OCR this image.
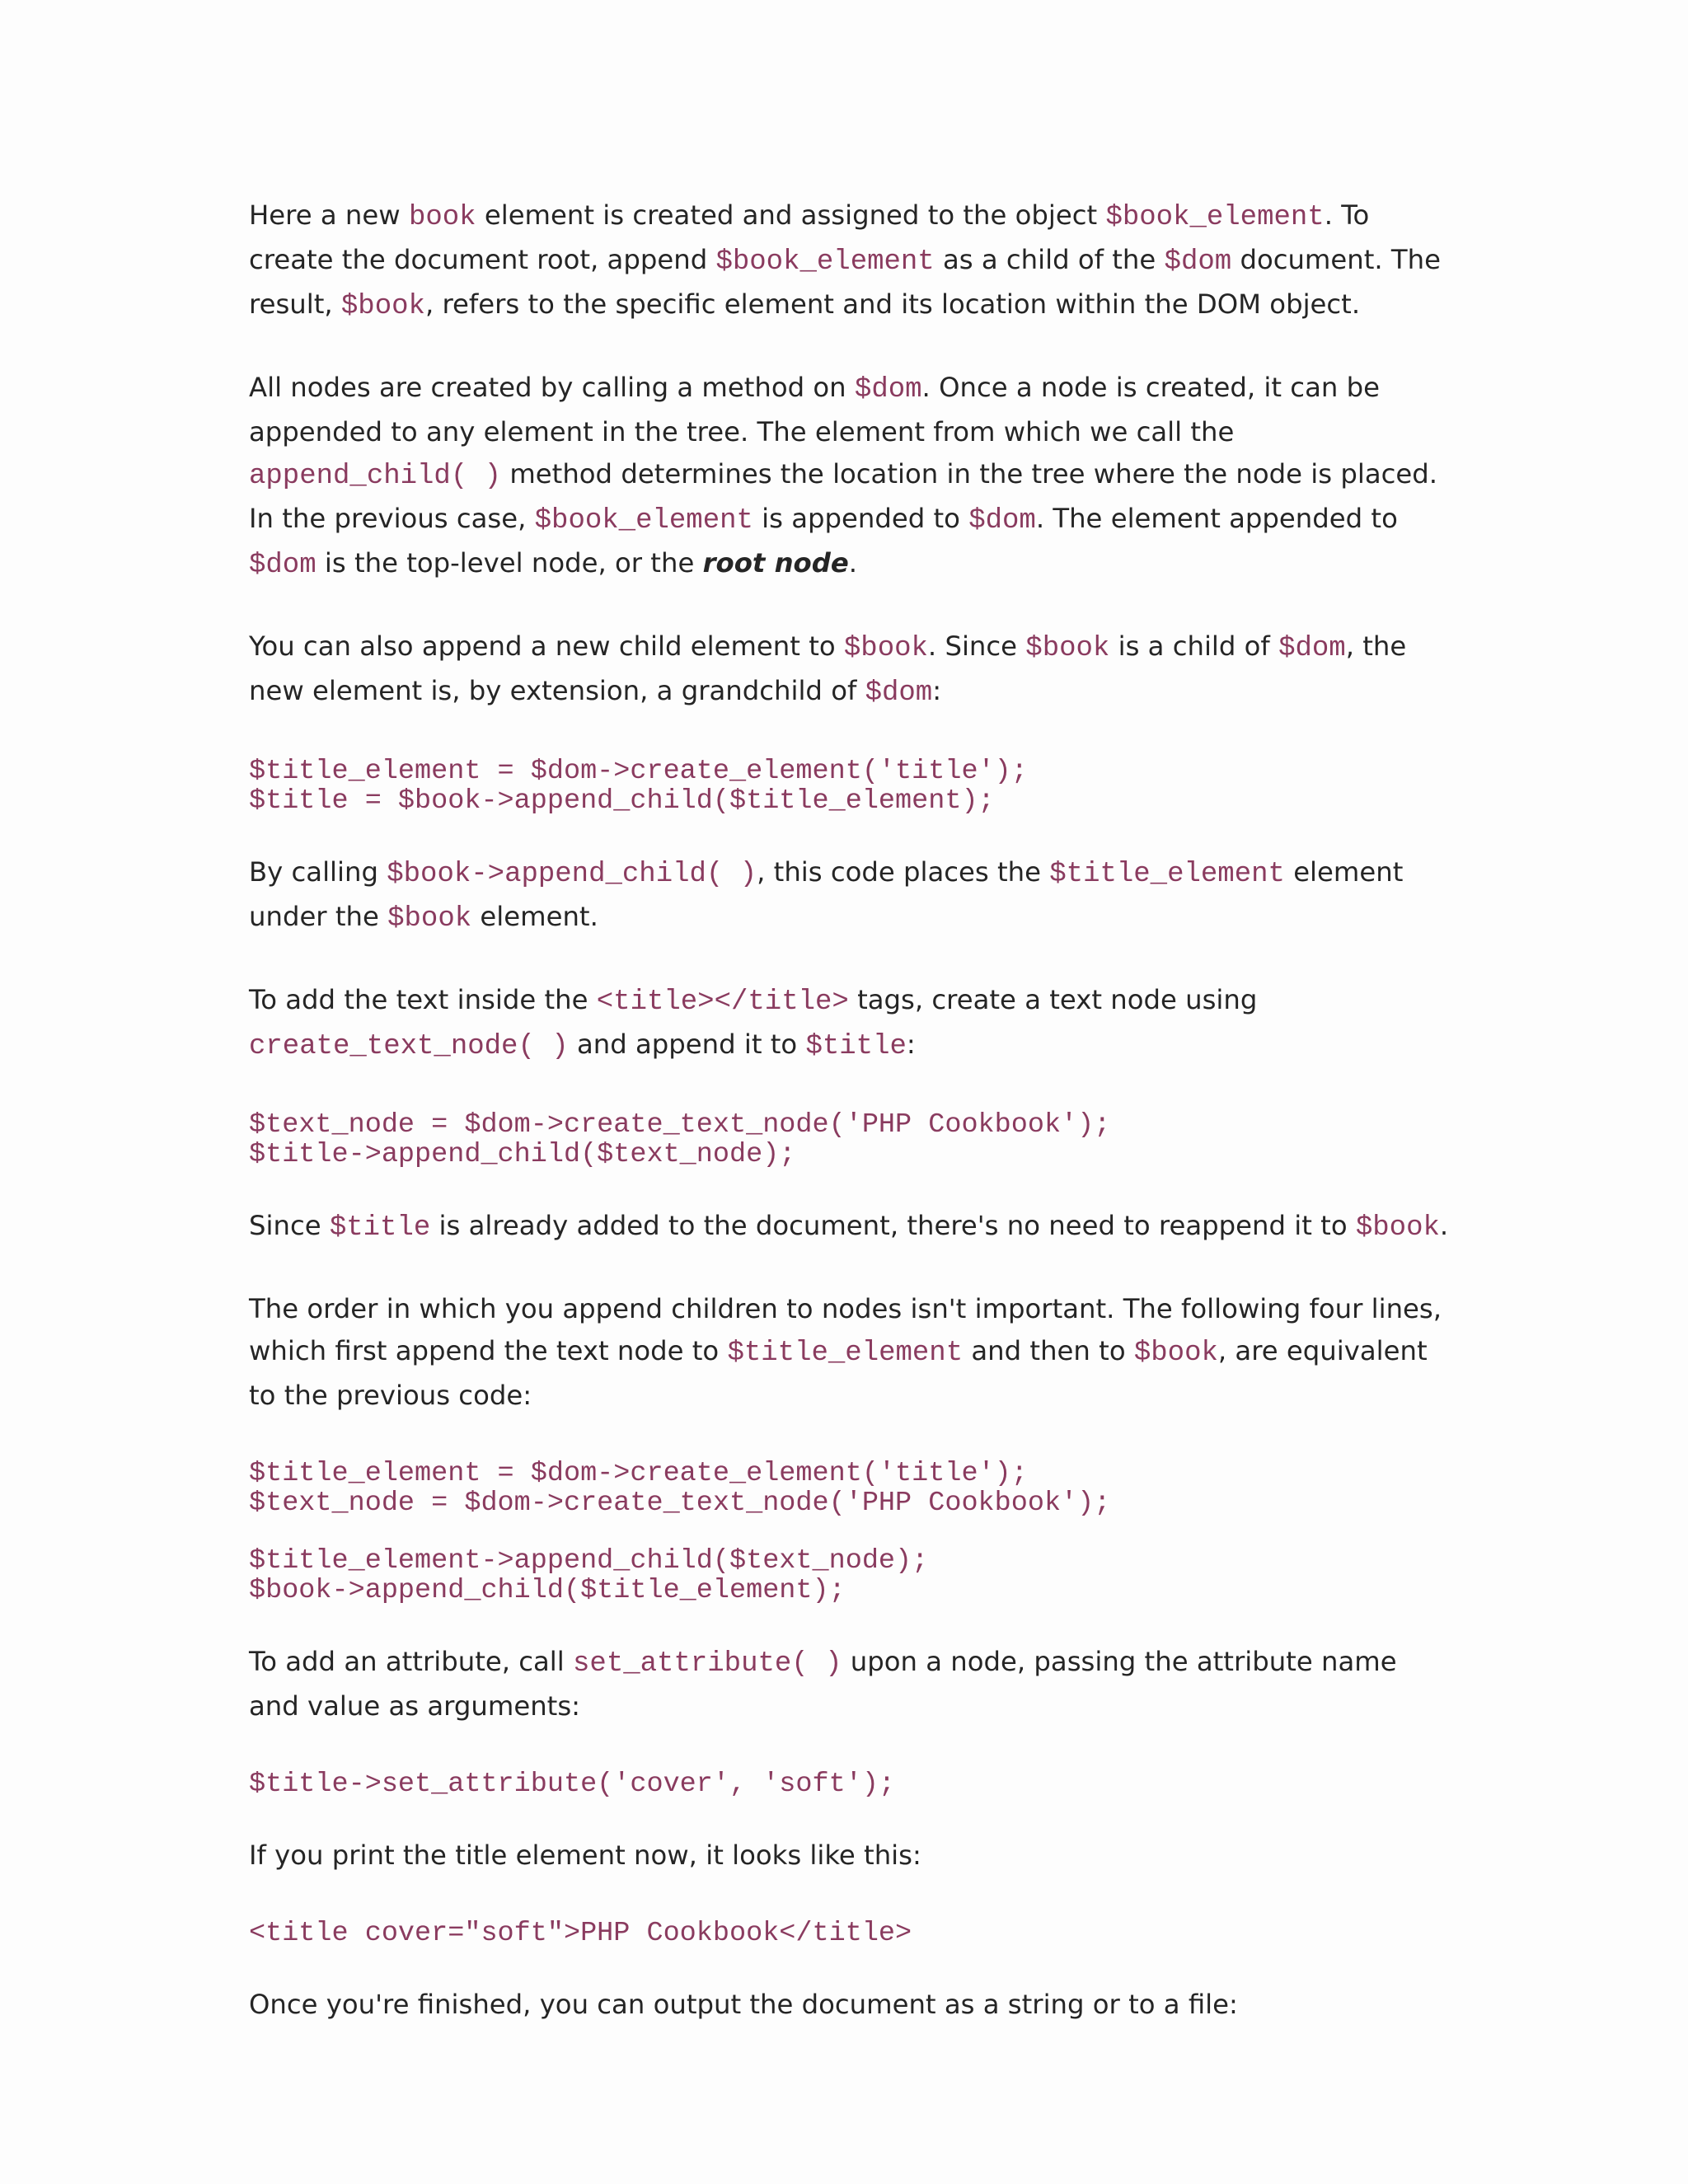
Here a new book element is created and assigned to the object $book_element. To create the document root, append $book_element as a child of the $dom document. The result, $book, refers to the specific element and its location within the DOM object.

All nodes are created by calling a method on $dom. Once a node is created, it can be appended to any element in the tree. The element from which we call the append_child( ) method determines the location in the tree where the node is placed. In the previous case, $book_element is appended to $dom. The element appended to $dom is the top-level node, or the root node.

You can also append a new child element to $book. Since $book is a child of $dom, the new element is, by extension, a grandchild of $dom:

$title_element = $dom->create_element('title');
$title = $book->append_child($title_element);

By calling $book->append_child( ), this code places the $title_element element under the $book element.

To add the text inside the <title></title> tags, create a text node using create_text_node( ) and append it to $title:

$text_node = $dom->create_text_node('PHP Cookbook');
$title->append_child($text_node);

Since $title is already added to the document, there's no need to reappend it to $book.

The order in which you append children to nodes isn't important. The following four lines, which first append the text node to $title_element and then to $book, are equivalent to the previous code:

$title_element = $dom->create_element('title');
$text_node = $dom->create_text_node('PHP Cookbook');
$title_element->append_child($text_node);
$book->append_child($title_element);

To add an attribute, call set_attribute( ) upon a node, passing the attribute name and value as arguments:

$title->set_attribute('cover', 'soft');

If you print the title element now, it looks like this:

<title cover="soft">PHP Cookbook</title>

Once you're finished, you can output the document as a string or to a file:
